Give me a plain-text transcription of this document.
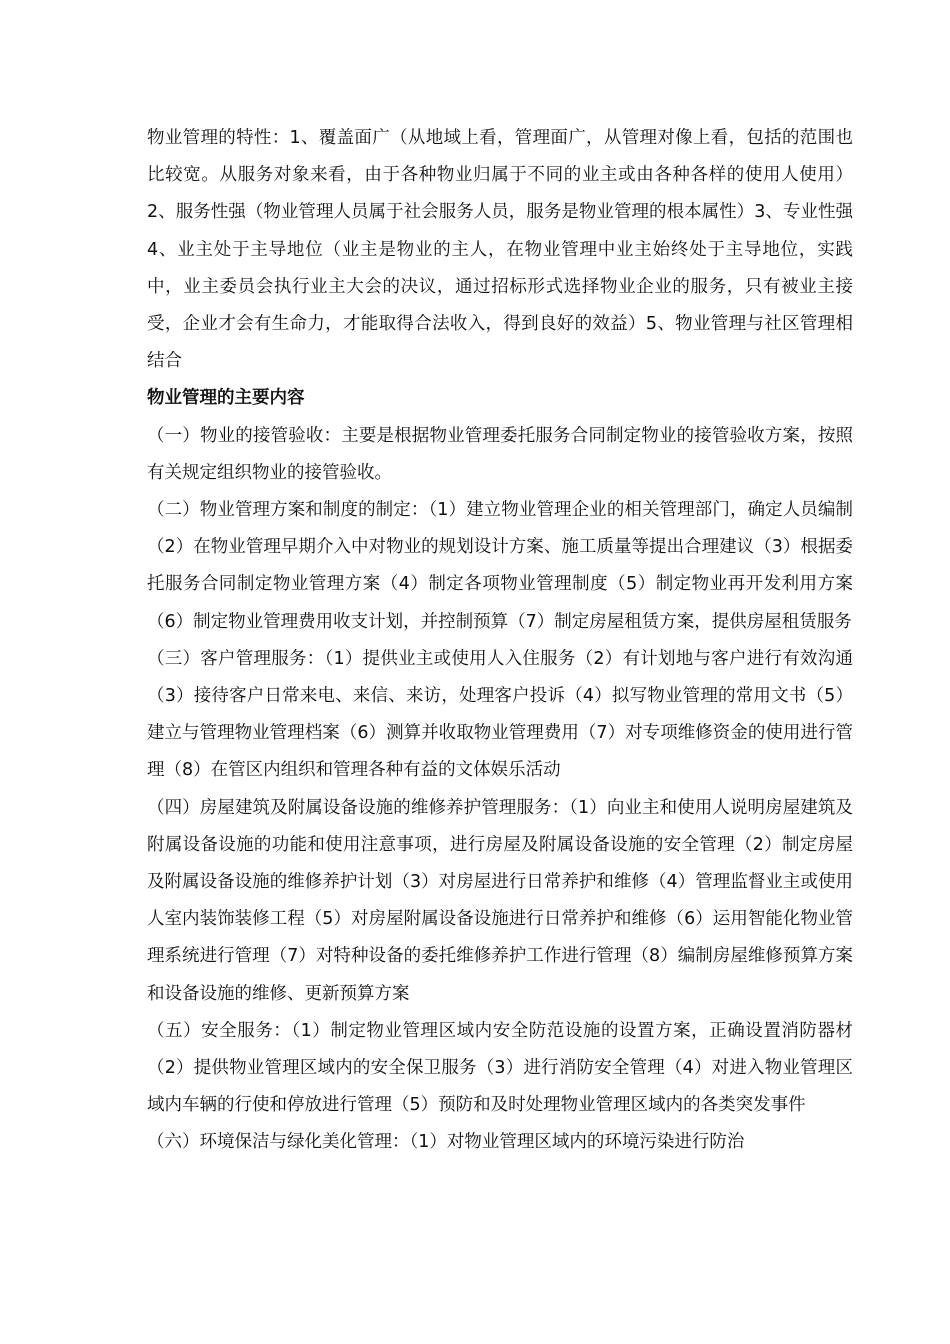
物业管理的特性：1、覆盖面广（从地域上看，管理面广，从管理对像上看，包括的范围也比较宽。从服务对象来看，由于各种物业归属于不同的业主或由各种各样的使用人使用）2、服务性强（物业管理人员属于社会服务人员，服务是物业管理的根本属性）3、专业性强 4、业主处于主导地位（业主是物业的主人，在物业管理中业主始终处于主导地位，实践中，业主委员会执行业主大会的决议，通过招标形式选择物业企业的服务，只有被业主接受，企业才会有生命力，才能取得合法收入，得到良好的效益）5、物业管理与社区管理相结合

物业管理的主要内容

（一）物业的接管验收：主要是根据物业管理委托服务合同制定物业的接管验收方案，按照有关规定组织物业的接管验收。

（二）物业管理方案和制度的制定：（1）建立物业管理企业的相关管理部门，确定人员编制（2）在物业管理早期介入中对物业的规划设计方案、施工质量等提出合理建议（3）根据委托服务合同制定物业管理方案（4）制定各项物业管理制度（5）制定物业再开发利用方案（6）制定物业管理费用收支计划，并控制预算（7）制定房屋租赁方案，提供房屋租赁服务

（三）客户管理服务：（1）提供业主或使用人入住服务（2）有计划地与客户进行有效沟通（3）接待客户日常来电、来信、来访，处理客户投诉（4）拟写物业管理的常用文书（5）建立与管理物业管理档案（6）测算并收取物业管理费用（7）对专项维修资金的使用进行管理（8）在管区内组织和管理各种有益的文体娱乐活动

（四）房屋建筑及附属设备设施的维修养护管理服务：（1）向业主和使用人说明房屋建筑及附属设备设施的功能和使用注意事项，进行房屋及附属设备设施的安全管理（2）制定房屋及附属设备设施的维修养护计划（3）对房屋进行日常养护和维修（4）管理监督业主或使用人室内装饰装修工程（5）对房屋附属设备设施进行日常养护和维修（6）运用智能化物业管理系统进行管理（7）对特种设备的委托维修养护工作进行管理（8）编制房屋维修预算方案和设备设施的维修、更新预算方案

（五）安全服务：（1）制定物业管理区域内安全防范设施的设置方案，正确设置消防器材（2）提供物业管理区域内的安全保卫服务（3）进行消防安全管理（4）对进入物业管理区域内车辆的行使和停放进行管理（5）预防和及时处理物业管理区域内的各类突发事件

（六）环境保洁与绿化美化管理：（1）对物业管理区域内的环境污染进行防治
